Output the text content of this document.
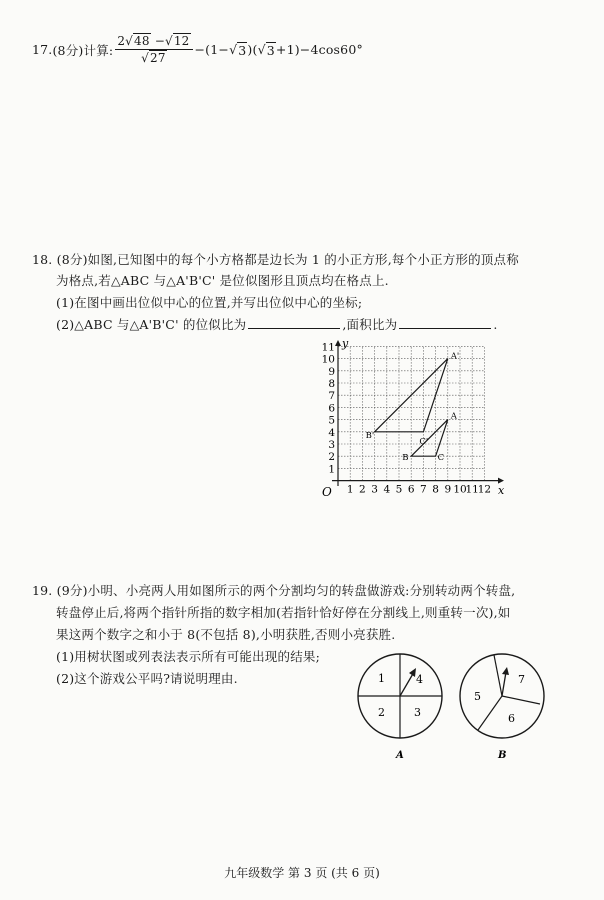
17. (8分) 计算: $\frac{2√48 -√12}{√27} -(1-$ √ 3 )( √ 3 +1)−4cos60°
18. (8分)如图,已知图中的每个小方格都是边长为 1 的小正方形,每个小正方形的顶点称
为格点,若△ABC 与△A'B'C' 是位似图形且顶点均在格点上.
(1)在图中画出位似中心的位置,并写出位似中心的坐标;
(2)△ABC 与△A'B'C' 的位似比为	,面积比为	.
y
x
O 1 2 3 4 5 6 7 8 9 10
11
12
1
2
3
4
5
6
7
8
9
10
11
A
B	C
A'
B'
C'
19. (9分)小明、小亮两人用如图所示的两个分割均匀的转盘做游戏:分别转动两个转盘,
转盘停止后,将两个指针所指的数字相加(若指针恰好停在分割线上,则重转一次),如
果这两个数字之和小于 8(不包括 8),小明获胜,否则小亮获胜.
(1)用树状图或列表法表示所有可能出现的结果;
(2)这个游戏公平吗?请说明理由.	1	4
2	3
A
7
5
6
B
九年级数学 第 3 页 (共 6 页)
